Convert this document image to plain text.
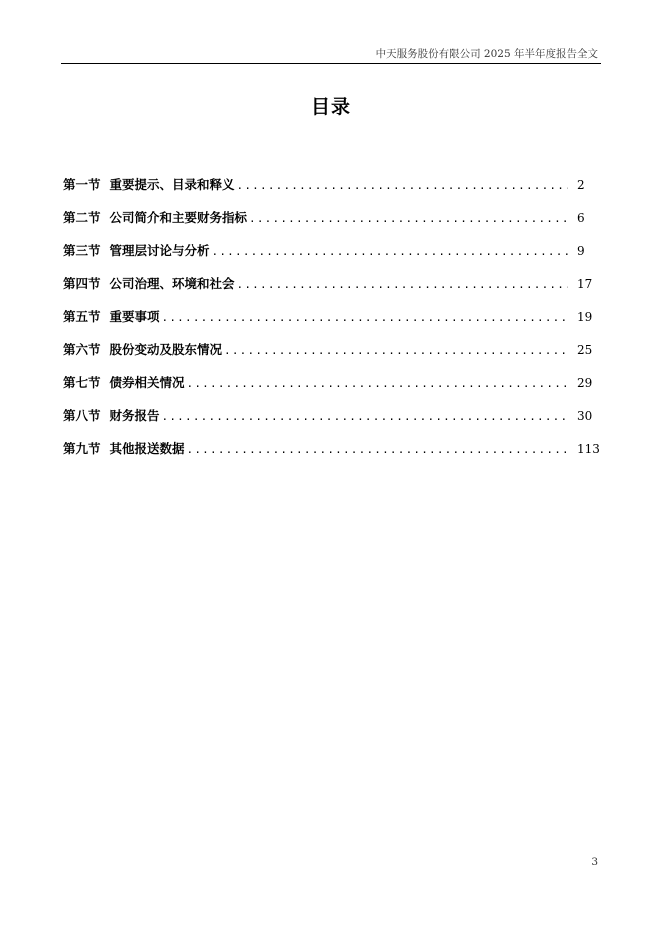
中天服务股份有限公司 2025 年半年度报告全文
目录
第一节 重要提示、目录和释义 .....	2
第二节 公司简介和主要财务指标 .....	6
第三节 管理层讨论与分析 .....	9
第四节 公司治理、环境和社会 .....	17
第五节 重要事项 .....	19
第六节 股份变动及股东情况 .....	25
第七节 债券相关情况 .....	29
第八节 财务报告 .....	30
第九节 其他报送数据 .....	113
3
